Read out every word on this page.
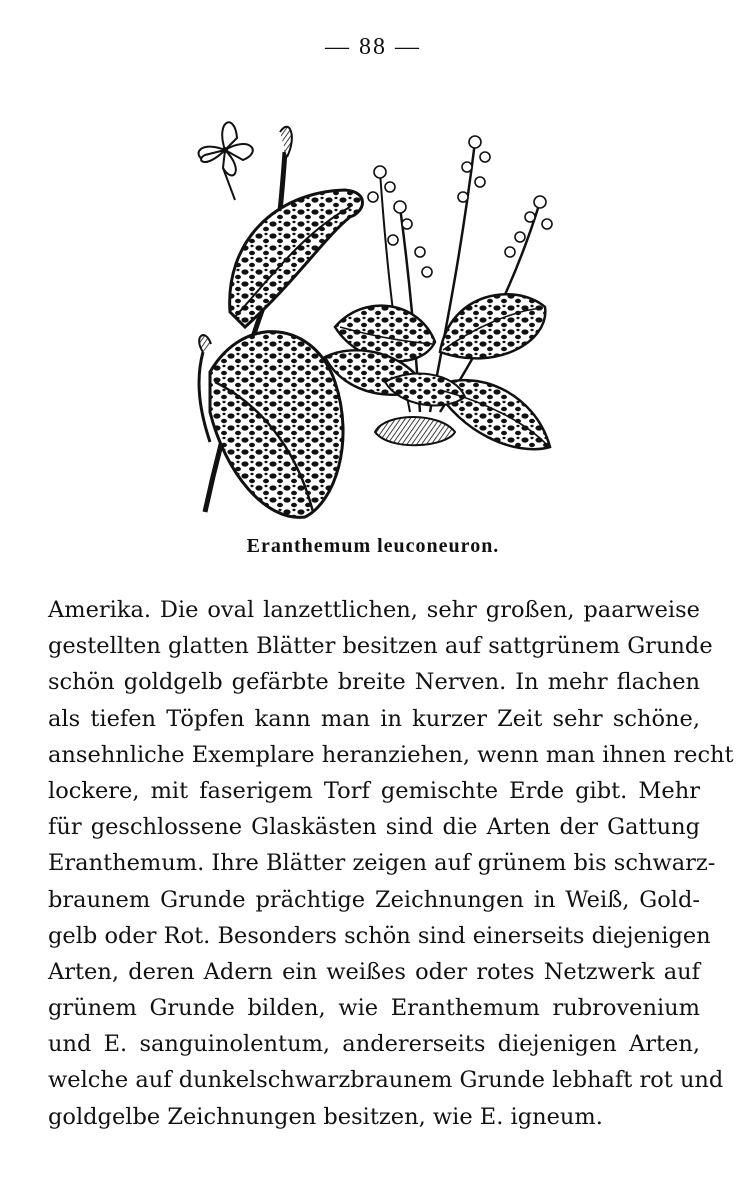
— 88 —
Eranthemum leuconeuron.
Amerika. Die oval lanzettlichen, sehr großen, paarweise
gestellten glatten Blätter besitzen auf sattgrünem Grunde
schön goldgelb gefärbte breite Nerven. In mehr flachen
als tiefen Töpfen kann man in kurzer Zeit sehr schöne,
ansehnliche Exemplare heranziehen, wenn man ihnen recht
lockere, mit faserigem Torf gemischte Erde gibt. Mehr
für geschlossene Glaskästen sind die Arten der Gattung
Eranthemum. Ihre Blätter zeigen auf grünem bis schwarz-
braunem Grunde prächtige Zeichnungen in Weiß, Gold-
gelb oder Rot. Besonders schön sind einerseits diejenigen
Arten, deren Adern ein weißes oder rotes Netzwerk auf
grünem Grunde bilden, wie Eranthemum rubrovenium
und E. sanguinolentum, andererseits diejenigen Arten,
welche auf dunkelschwarzbraunem Grunde lebhaft rot und
goldgelbe Zeichnungen besitzen, wie E. igneum.
